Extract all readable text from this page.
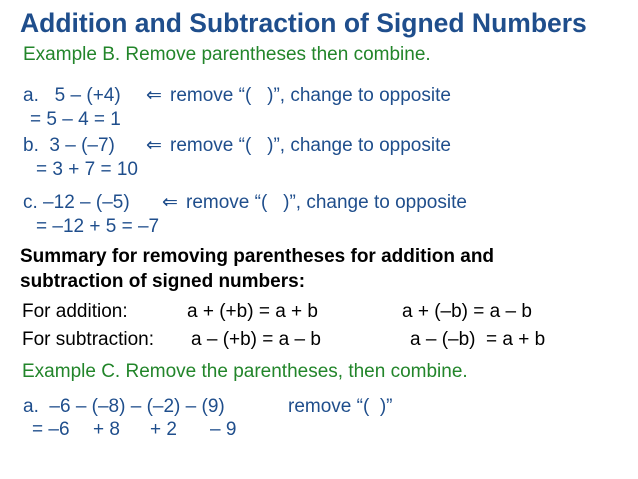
Addition and Subtraction of Signed Numbers
Example B. Remove parentheses then combine.
a.   5 – (+4) ⇐ remove “(   )”, change to opposite
= 5 – 4 = 1
b.  3 – (–7) ⇐ remove “(   )”, change to opposite
= 3 + 7 = 10
c. –12 – (–5) ⇐ remove “(   )”, change to opposite
= –12 + 5 = –7
Summary for removing parentheses for addition and
subtraction of signed numbers:
For addition:	a + (+b) = a + b	a + (–b) = a – b
For subtraction: a – (+b) = a – b	a – (–b)  = a + b
Example C. Remove the parentheses, then combine.
a.  –6 – (–8) – (–2) – (9)	remove “(  )”
= –6 + 8 + 2 – 9
